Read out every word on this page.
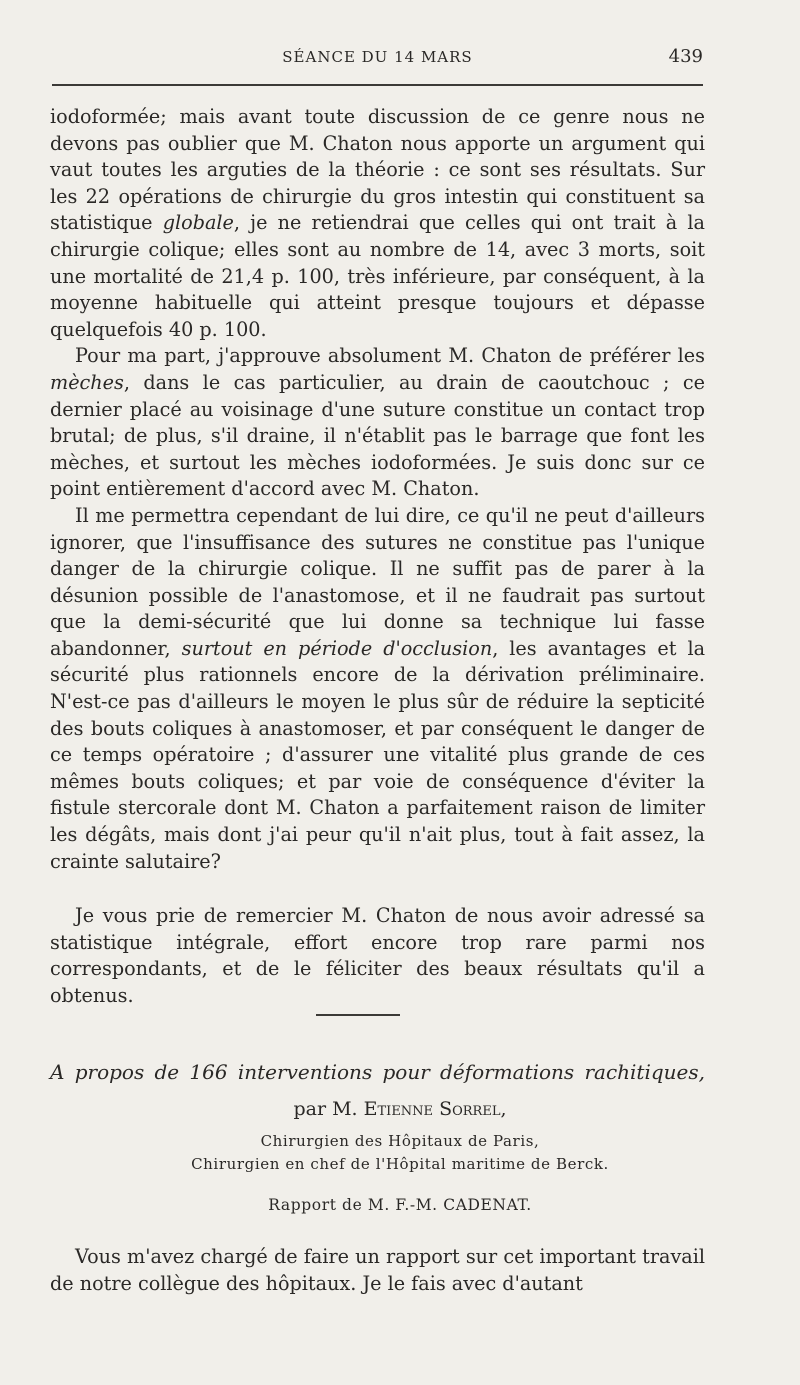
SÉANCE DU 14 MARS	439

iodoformée; mais avant toute discussion de ce genre nous ne devons pas oublier que M. Chaton nous apporte un argument qui vaut toutes les arguties de la théorie : ce sont ses résultats. Sur les 22 opérations de chirurgie du gros intestin qui constituent sa statistique globale, je ne retiendrai que celles qui ont trait à la chirurgie colique; elles sont au nombre de 14, avec 3 morts, soit une mortalité de 21,4 p. 100, très inférieure, par conséquent, à la moyenne habituelle qui atteint presque toujours et dépasse quelquefois 40 p. 100.

Pour ma part, j'approuve absolument M. Chaton de préférer les mèches, dans le cas particulier, au drain de caoutchouc ; ce dernier placé au voisinage d'une suture constitue un contact trop brutal; de plus, s'il draine, il n'établit pas le barrage que font les mèches, et surtout les mèches iodoformées. Je suis donc sur ce point entièrement d'accord avec M. Chaton.

Il me permettra cependant de lui dire, ce qu'il ne peut d'ailleurs ignorer, que l'insuffisance des sutures ne constitue pas l'unique danger de la chirurgie colique. Il ne suffit pas de parer à la désunion possible de l'anastomose, et il ne faudrait pas surtout que la demi-sécurité que lui donne sa technique lui fasse abandonner, surtout en période d'occlusion, les avantages et la sécurité plus rationnels encore de la dérivation préliminaire. N'est-ce pas d'ailleurs le moyen le plus sûr de réduire la septicité des bouts coliques à anastomoser, et par conséquent le danger de ce temps opératoire ; d'assurer une vitalité plus grande de ces mêmes bouts coliques; et par voie de conséquence d'éviter la fistule stercorale dont M. Chaton a parfaitement raison de limiter les dégâts, mais dont j'ai peur qu'il n'ait plus, tout à fait assez, la crainte salutaire?

Je vous prie de remercier M. Chaton de nous avoir adressé sa statistique intégrale, effort encore trop rare parmi nos correspondants, et de le féliciter des beaux résultats qu'il a obtenus.

A propos de 166 interventions pour déformations rachitiques,
par M. Etienne Sorrel,
Chirurgien des Hôpitaux de Paris,
Chirurgien en chef de l'Hôpital maritime de Berck.
Rapport de M. F.-M. CADENAT.

Vous m'avez chargé de faire un rapport sur cet important travail de notre collègue des hôpitaux. Je le fais avec d'autant
